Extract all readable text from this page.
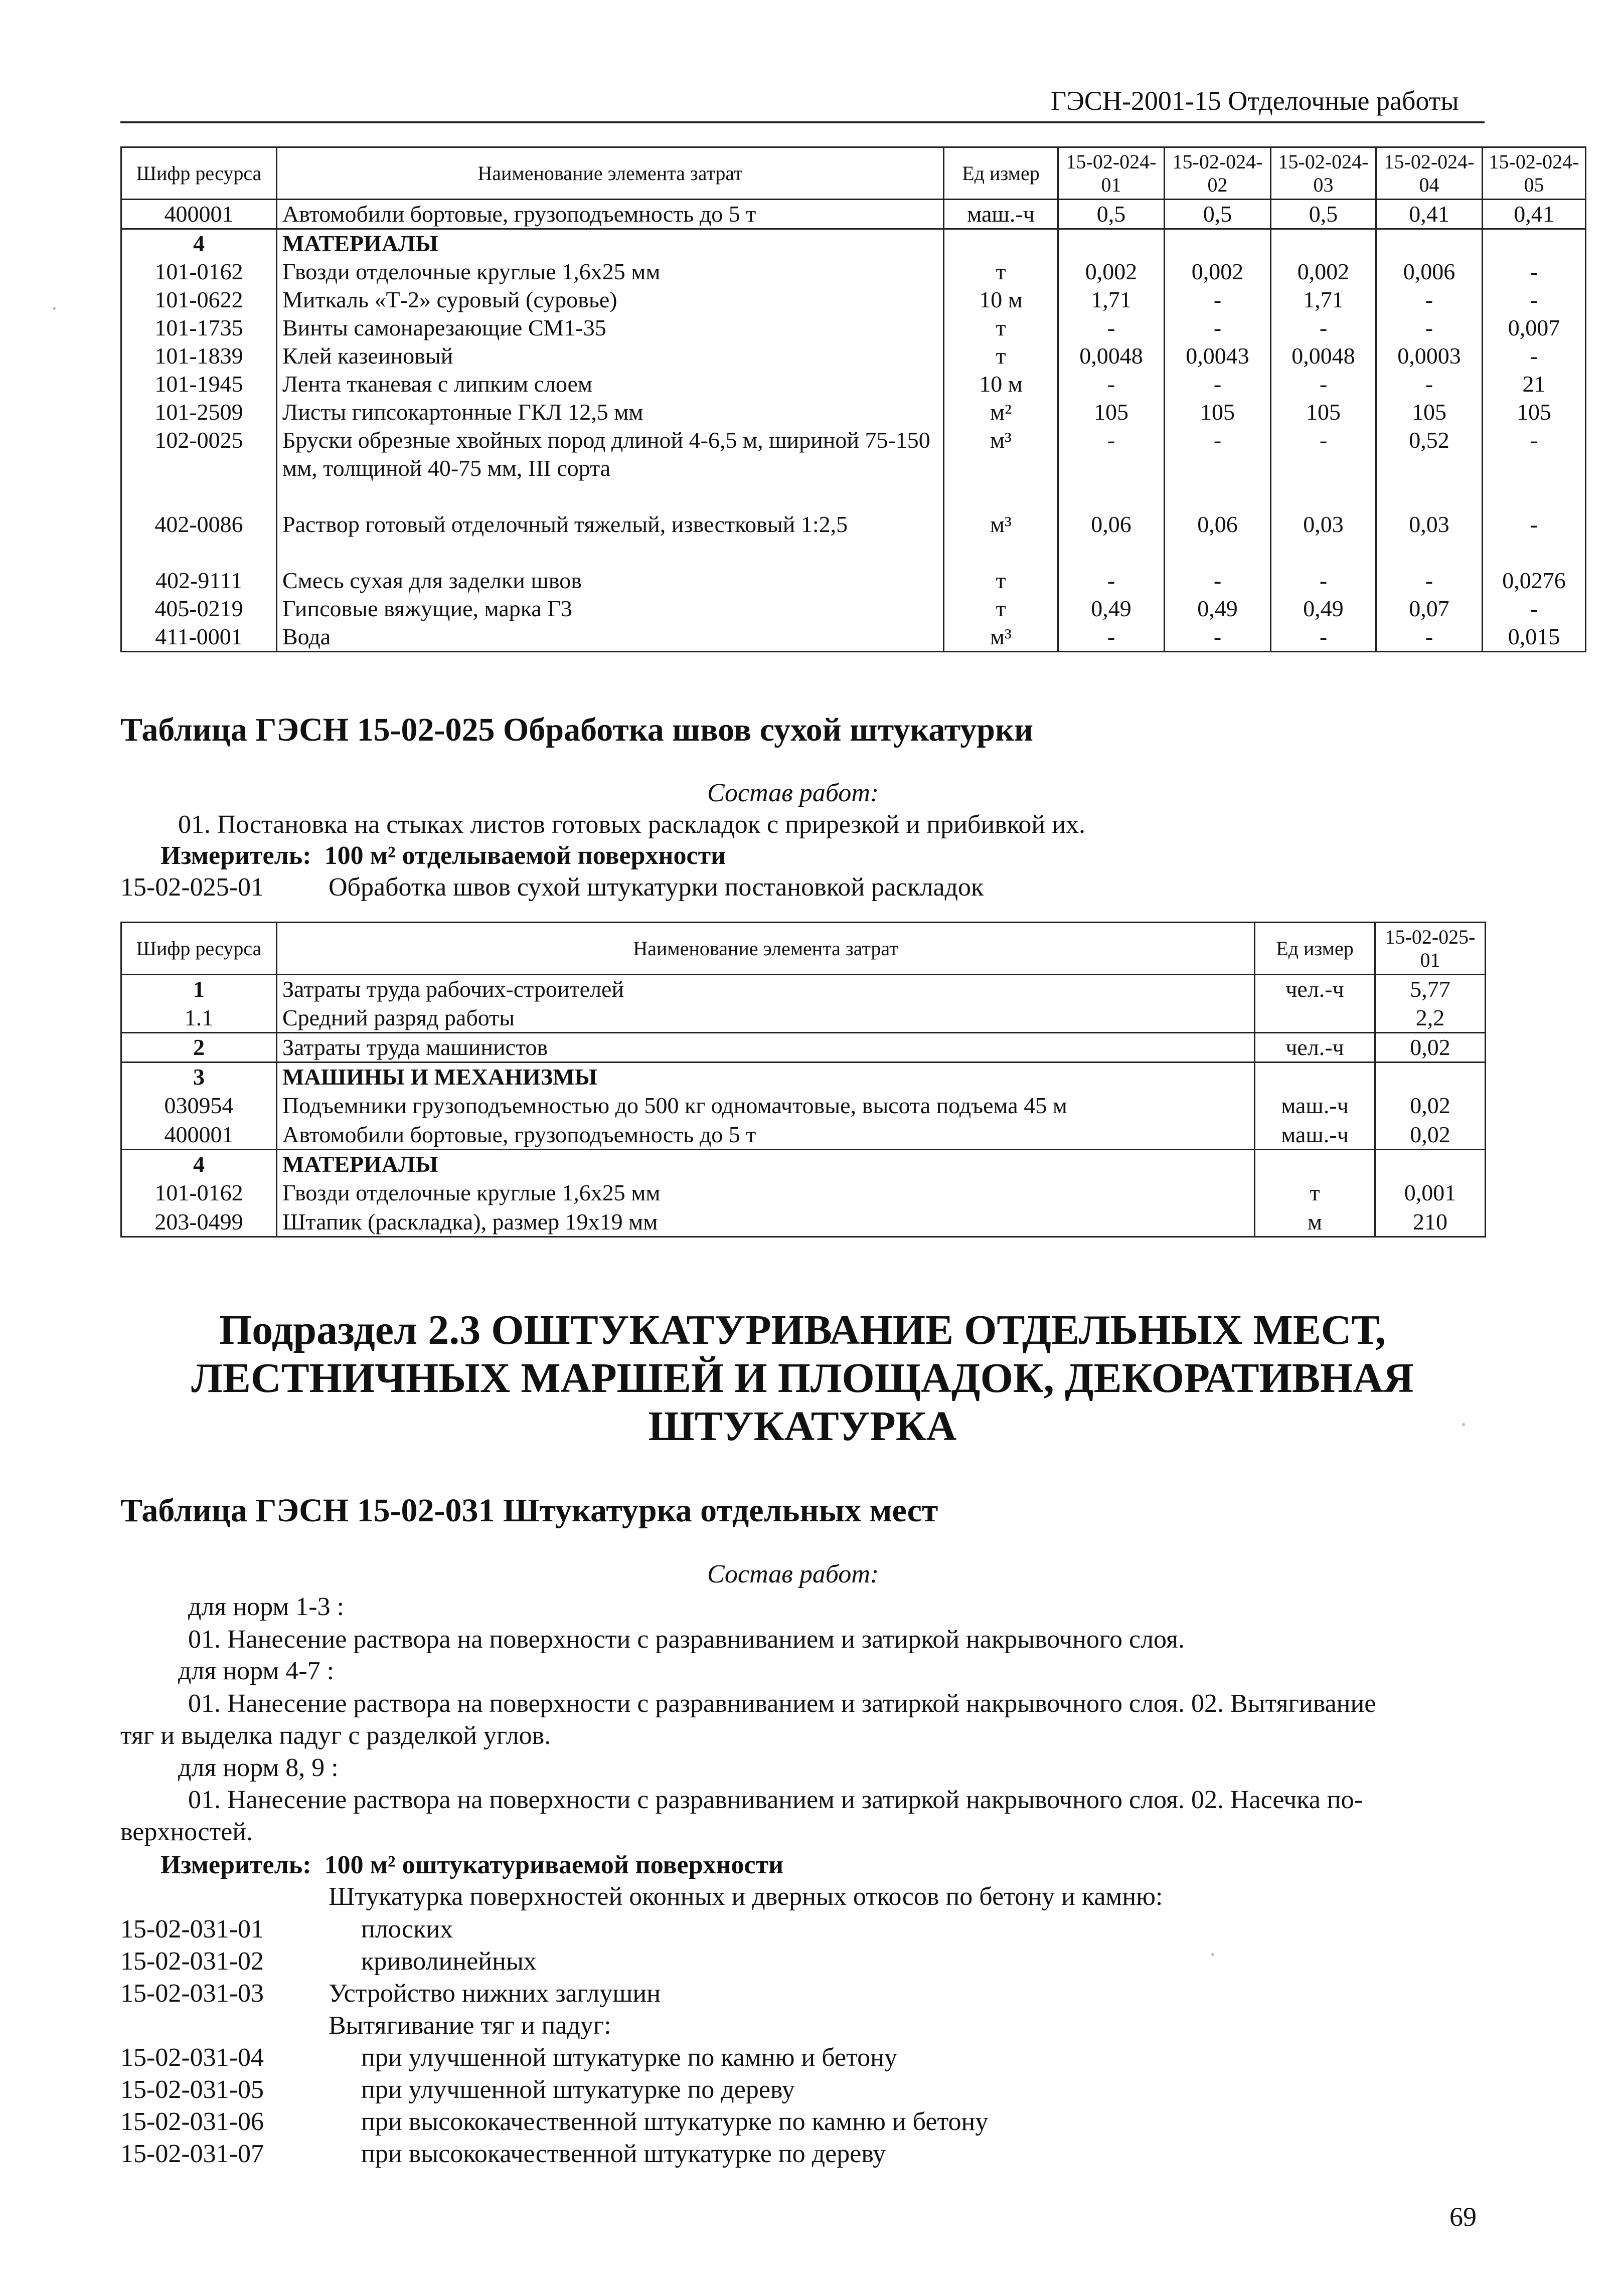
ГЭСН-2001-15 Отделочные работы
Шифр ресурса	Наименование элемента затрат	Ед измер	15-02-024-01	15-02-024-02	15-02-024-03	15-02-024-04	15-02-024-05
400001	Автомобили бортовые, грузоподъемность до 5 т	маш.-ч	0,5	0,5	0,5	0,41	0,41
4	МАТЕРИАЛЫ						
101-0162	Гвозди отделочные круглые 1,6х25 мм	т	0,002	0,002	0,002	0,006	-
101-0622	Миткаль «Т-2» суровый (суровье)	10 м	1,71	-	1,71	-	-
101-1735	Винты самонарезающие СМ1-35	т	-	-	-	-	0,007
101-1839	Клей казеиновый	т	0,0048	0,0043	0,0048	0,0003	-
101-1945	Лента тканевая с липким слоем	10 м	-	-	-	-	21
101-2509	Листы гипсокартонные ГКЛ 12,5 мм	м²	105	105	105	105	105
102-0025	Бруски обрезные хвойных пород длиной 4-6,5 м, шириной 75-150 мм, толщиной 40-75 мм, III сорта	м³	-	-	-	0,52	-
402-0086	Раствор готовый отделочный тяжелый, известковый 1:2,5	м³	0,06	0,06	0,03	0,03	-
402-9111	Смесь сухая для заделки швов	т	-	-	-	-	0,0276
405-0219	Гипсовые вяжущие, марка Г3	т	0,49	0,49	0,49	0,07	-
411-0001	Вода	м³	-	-	-	-	0,015
Таблица ГЭСН 15-02-025 Обработка швов сухой штукатурки
Состав работ:
01. Постановка на стыках листов готовых раскладок с прирезкой и прибивкой их.
Измеритель: 100 м² отделываемой поверхности
15-02-025-01 Обработка швов сухой штукатурки постановкой раскладок
Шифр ресурса	Наименование элемента затрат	Ед измер	15-02-025-01
1	Затраты труда рабочих-строителей	чел.-ч	5,77
1.1	Средний разряд работы		2,2
2	Затраты труда машинистов	чел.-ч	0,02
3	МАШИНЫ И МЕХАНИЗМЫ		
030954	Подъемники грузоподъемностью до 500 кг одномачтовые, высота подъема 45 м	маш.-ч	0,02
400001	Автомобили бортовые, грузоподъемность до 5 т	маш.-ч	0,02
4	МАТЕРИАЛЫ		
101-0162	Гвозди отделочные круглые 1,6х25 мм	т	0,001
203-0499	Штапик (раскладка), размер 19х19 мм	м	210
Подраздел 2.3 ОШТУКАТУРИВАНИЕ ОТДЕЛЬНЫХ МЕСТ,
ЛЕСТНИЧНЫХ МАРШЕЙ И ПЛОЩАДОК, ДЕКОРАТИВНАЯ
ШТУКАТУРКА
Таблица ГЭСН 15-02-031 Штукатурка отдельных мест
Состав работ:
для норм 1-3 :
01. Нанесение раствора на поверхности с разравниванием и затиркой накрывочного слоя.
для норм 4-7 :
01. Нанесение раствора на поверхности с разравниванием и затиркой накрывочного слоя. 02. Вытягивание
тяг и выделка падуг с разделкой углов.
для норм 8, 9 :
01. Нанесение раствора на поверхности с разравниванием и затиркой накрывочного слоя. 02. Насечка по-
верхностей.
Измеритель: 100 м² оштукатуриваемой поверхности
Штукатурка поверхностей оконных и дверных откосов по бетону и камню:
15-02-031-01	плоских
15-02-031-02	криволинейных
15-02-031-03 Устройство нижних заглушин
Вытягивание тяг и падуг:
15-02-031-04	при улучшенной штукатурке по камню и бетону
15-02-031-05	при улучшенной штукатурке по дереву
15-02-031-06	при высококачественной штукатурке по камню и бетону
15-02-031-07	при высококачественной штукатурке по дереву
69
